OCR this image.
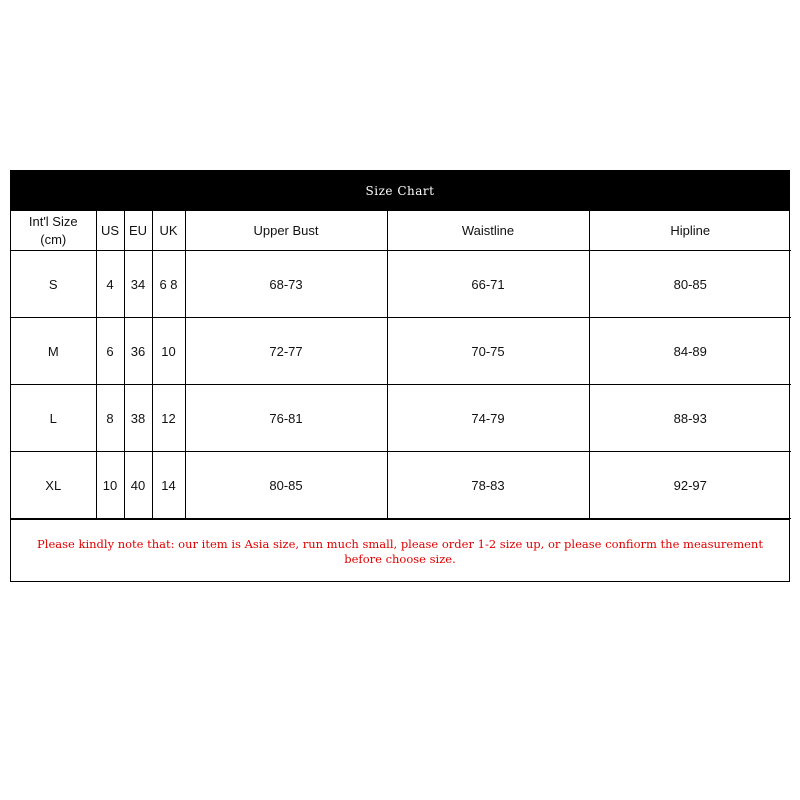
Size Chart
Int'l Size
(cm)	US	EU	UK	Upper Bust	Waistline	Hipline
S	4	34	6 8	68-73	66-71	80-85
M	6	36	10	72-77	70-75	84-89
L	8	38	12	76-81	74-79	88-93
XL	10	40	14	80-85	78-83	92-97
Please kindly note that: our item is Asia size, run much small, please order 1-2 size up, or please confiorm the measurement before choose size.
